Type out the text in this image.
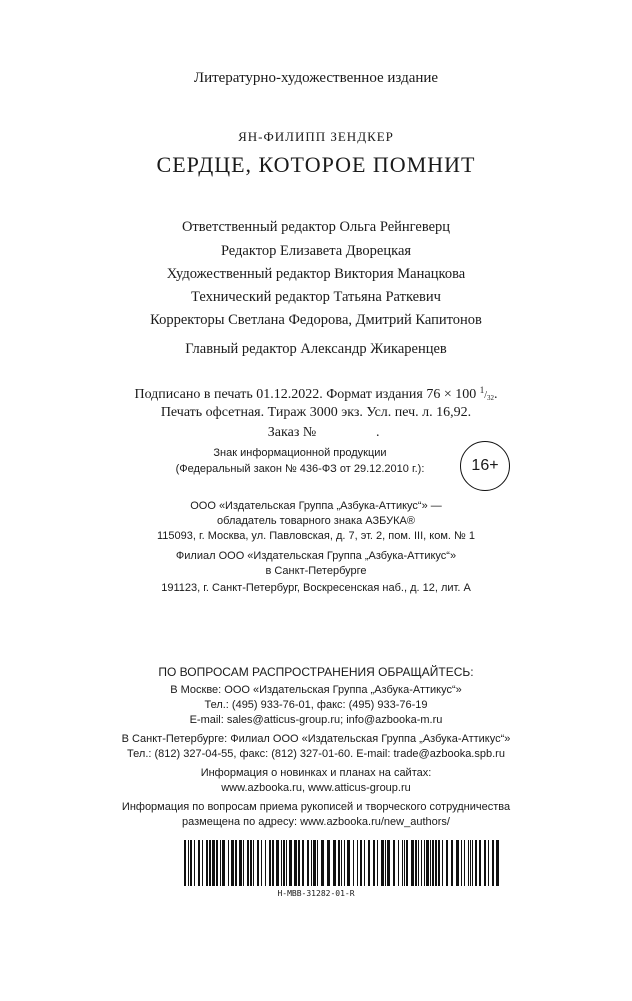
Литературно-художественное издание
ЯН-ФИЛИПП ЗЕНДКЕР
СЕРДЦЕ, КОТОРОЕ ПОМНИТ
Ответственный редактор Ольга Рейнгеверц
Редактор Елизавета Дворецкая
Художественный редактор Виктория Манацкова
Технический редактор Татьяна Раткевич
Корректоры Светлана Федорова, Дмитрий Капитонов
Главный редактор Александр Жикаренцев
Подписано в печать 01.12.2022. Формат издания 76 × 100 $^1/_{32}$.
Печать офсетная. Тираж 3000 экз. Усл. печ. л. 16,92.
Заказ №	.
Знак информационной продукции
(Федеральный закон № 436-ФЗ от 29.12.2010 г.):	16+
ООО «Издательская Группа „Азбука-Аттикус“» —
обладатель товарного знака АЗБУКА®
115093, г. Москва, ул. Павловская, д. 7, эт. 2, пом. III, ком. № 1
Филиал ООО «Издательская Группа „Азбука-Аттикус“»
в Санкт-Петербурге
191123, г. Санкт-Петербург, Воскресенская наб., д. 12, лит. А
ПО ВОПРОСАМ РАСПРОСТРАНЕНИЯ ОБРАЩАЙТЕСЬ:
В Москве: ООО «Издательская Группа „Азбука-Аттикус“»
Тел.: (495) 933-76-01, факс: (495) 933-76-19
E-mail: sales@atticus-group.ru; info@azbooka-m.ru
В Санкт-Петербурге: Филиал ООО «Издательская Группа „Азбука-Аттикус“»
Тел.: (812) 327-04-55, факс: (812) 327-01-60. E-mail: trade@azbooka.spb.ru
Информация о новинках и планах на сайтах:
www.azbooka.ru, www.atticus-group.ru
Информация по вопросам приема рукописей и творческого сотрудничества
размещена по адресу: www.azbooka.ru/new_authors/
H-МВВ-31282-01-R
